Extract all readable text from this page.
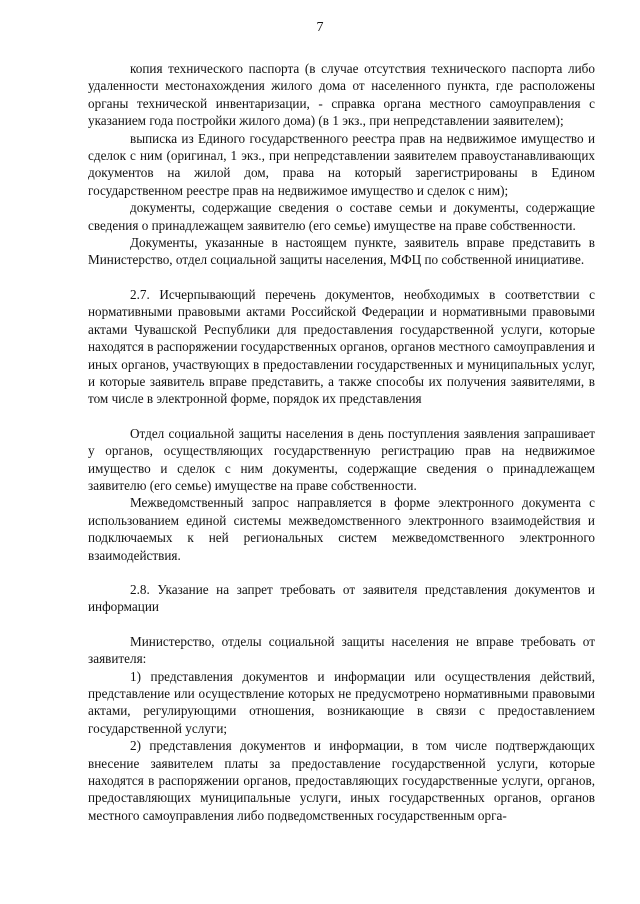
7

копия технического паспорта (в случае отсутствия технического паспорта либо удаленности местонахождения жилого дома от населенного пункта, где расположены органы технической инвентаризации, - справка органа местного самоуправления с указанием года постройки жилого дома) (в 1 экз., при непредставлении заявителем);

выписка из Единого государственного реестра прав на недвижимое имущество и сделок с ним (оригинал, 1 экз., при непредставлении заявителем правоустанавливающих документов на жилой дом, права на который зарегистрированы в Едином государственном реестре прав на недвижимое имущество и сделок с ним);

документы, содержащие сведения о составе семьи и документы, содержащие сведения о принадлежащем заявителю (его семье) имуществе на праве собственности.

Документы, указанные в настоящем пункте, заявитель вправе представить в Министерство, отдел социальной защиты населения, МФЦ по собственной инициативе.

2.7. Исчерпывающий перечень документов, необходимых в соответствии с нормативными правовыми актами Российской Федерации и нормативными правовыми актами Чувашской Республики для предоставления государственной услуги, которые находятся в распоряжении государственных органов, органов местного самоуправления и иных органов, участвующих в предоставлении государственных и муниципальных услуг, и которые заявитель вправе представить, а также способы их получения заявителями, в том числе в электронной форме, порядок их представления

Отдел социальной защиты населения в день поступления заявления запрашивает у органов, осуществляющих государственную регистрацию прав на недвижимое имущество и сделок с ним документы, содержащие сведения о принадлежащем заявителю (его семье) имуществе на праве собственности.

Межведомственный запрос направляется в форме электронного документа с использованием единой системы межведомственного электронного взаимодействия и подключаемых к ней региональных систем межведомственного электронного взаимодействия.

2.8. Указание на запрет требовать от заявителя представления документов и информации

Министерство, отделы социальной защиты населения не вправе требовать от заявителя:

1) представления документов и информации или осуществления действий, представление или осуществление которых не предусмотрено нормативными правовыми актами, регулирующими отношения, возникающие в связи с предоставлением государственной услуги;

2) представления документов и информации, в том числе подтверждающих внесение заявителем платы за предоставление государственной услуги, которые находятся в распоряжении органов, предоставляющих государственные услуги, органов, предоставляющих муниципальные услуги, иных государственных органов, органов местного самоуправления либо подведомственных государственным орга-
